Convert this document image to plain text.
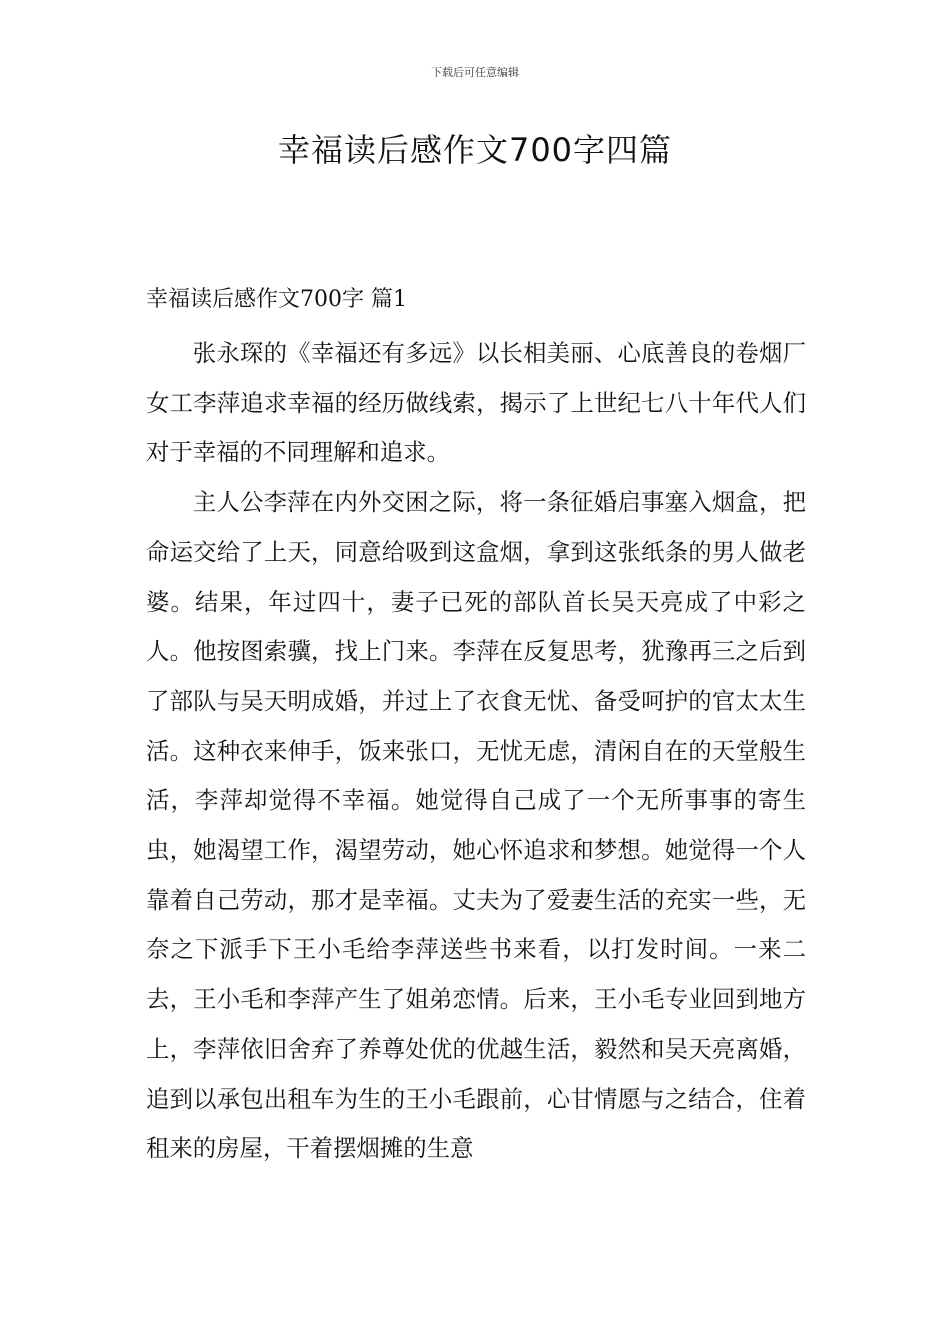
下载后可任意编辑
幸福读后感作文700字四篇
幸福读后感作文700字 篇1

张永琛的《幸福还有多远》以长相美丽、心底善良的卷烟厂女工李萍追求幸福的经历做线索，揭示了上世纪七八十年代人们对于幸福的不同理解和追求。

主人公李萍在内外交困之际，将一条征婚启事塞入烟盒，把命运交给了上天，同意给吸到这盒烟，拿到这张纸条的男人做老婆。结果，年过四十，妻子已死的部队首长吴天亮成了中彩之人。他按图索骥，找上门来。李萍在反复思考，犹豫再三之后到了部队与吴天明成婚，并过上了衣食无忧、备受呵护的官太太生活。这种衣来伸手，饭来张口，无忧无虑，清闲自在的天堂般生活，李萍却觉得不幸福。她觉得自己成了一个无所事事的寄生虫，她渴望工作，渴望劳动，她心怀追求和梦想。她觉得一个人靠着自己劳动，那才是幸福。丈夫为了爱妻生活的充实一些，无奈之下派手下王小毛给李萍送些书来看，以打发时间。一来二去，王小毛和李萍产生了姐弟恋情。后来，王小毛专业回到地方上，李萍依旧舍弃了养尊处优的优越生活，毅然和吴天亮离婚，追到以承包出租车为生的王小毛跟前，心甘情愿与之结合，住着租来的房屋，干着摆烟摊的生意
